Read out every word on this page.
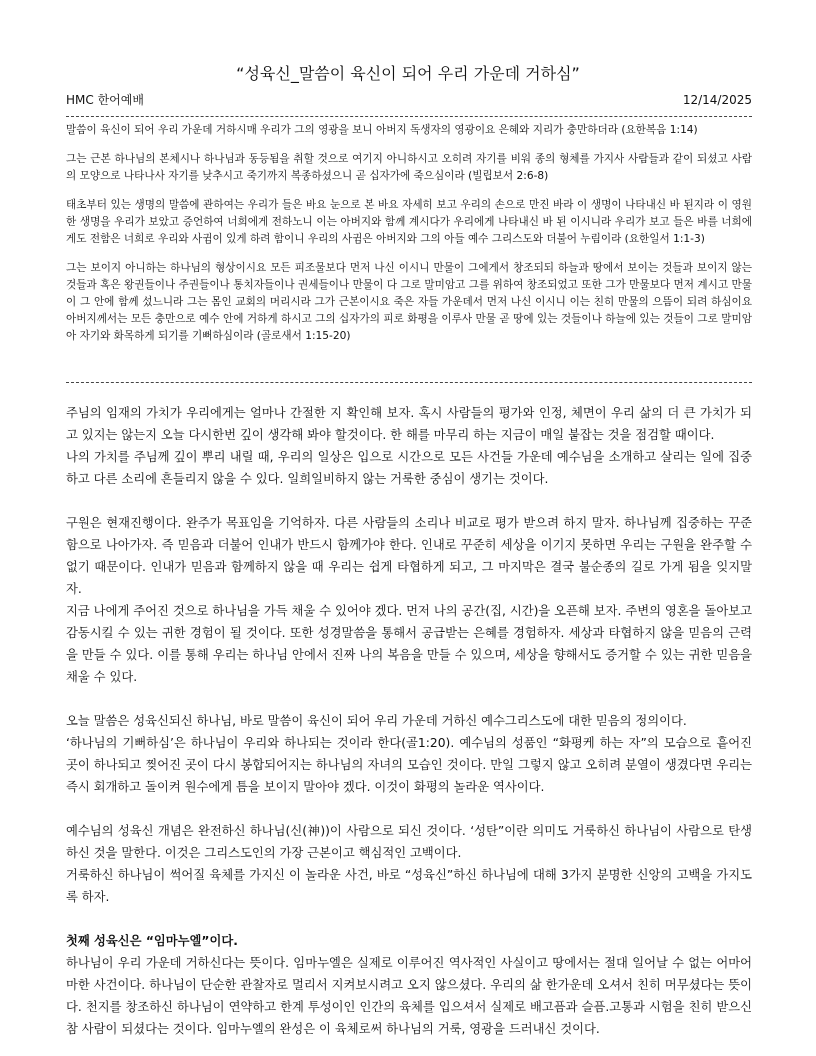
“성육신_말씀이 육신이 되어 우리 가운데 거하심”
HMC 한어예배	12/14/2025

말씀이 육신이 되어 우리 가운데 거하시매 우리가 그의 영광을 보니 아버지 독생자의 영광이요 은혜와 지리가 충만하더라 (요한복음 1:14)

그는 근본 하나님의 본체시나 하나님과 동등됨을 취할 것으로 여기지 아니하시고 오히려 자기를 비워 종의 형체를 가지사 사람들과 같이 되셨고 사람의 모양으로 나타나사 자기를 낮추시고 죽기까지 복종하셨으니 곧 십자가에 죽으심이라 (빌립보서 2:6-8)

태초부터 있는 생명의 말씀에 관하여는 우리가 들은 바요 눈으로 본 바요 자세히 보고 우리의 손으로 만진 바라 이 생명이 나타내신 바 된지라 이 영원한 생명을 우리가 보았고 증언하여 너희에게 전하노니 이는 아버지와 함께 계시다가 우리에게 나타내신 바 된 이시니라 우리가 보고 들은 바를 너희에게도 전함은 너희로 우리와 사귐이 있게 하려 함이니 우리의 사귐은 아버지와 그의 아들 예수 그리스도와 더불어 누림이라 (요한일서 1:1-3)

그는 보이지 아니하는 하나님의 형상이시요 모든 피조물보다 먼저 나신 이시니 만물이 그에게서 창조되되 하늘과 땅에서 보이는 것들과 보이지 않는 것들과 혹은 왕권들이나 주권들이나 통치자들이나 권세들이나 만물이 다 그로 말미암고 그를 위하여 창조되었고 또한 그가 만물보다 먼저 계시고 만물이 그 안에 함께 섰느니라 그는 몸인 교회의 머리시라 그가 근본이시요 죽은 자들 가운데서 먼저 나신 이시니 이는 친히 만물의 으뜸이 되려 하심이요 아버지께서는 모든 충만으로 예수 안에 거하게 하시고 그의 십자가의 피로 화평을 이루사 만물 곧 땅에 있는 것들이나 하늘에 있는 것들이 그로 말미암아 자기와 화목하게 되기를 기뻐하심이라 (골로새서 1:15-20)

주님의 임재의 가치가 우리에게는 얼마나 간절한 지 확인해 보자. 혹시 사람들의 평가와 인정, 체면이 우리 삶의 더 큰 가치가 되고 있지는 않는지 오늘 다시한번 깊이 생각해 봐야 할것이다. 한 해를 마무리 하는 지금이 매일 붙잡는 것을 점검할 때이다.

나의 가치를 주님께 깊이 뿌리 내릴 때, 우리의 일상은 입으로 시간으로 모든 사건들 가운데 예수님을 소개하고 살리는 일에 집중하고 다른 소리에 흔들리지 않을 수 있다. 일희일비하지 않는 거룩한 중심이 생기는 것이다.

구원은 현재진행이다. 완주가 목표임을 기억하자. 다른 사람들의 소리나 비교로 평가 받으려 하지 말자. 하나님께 집중하는 꾸준함으로 나아가자. 즉 믿음과 더불어 인내가 반드시 함께가야 한다. 인내로 꾸준히 세상을 이기지 못하면 우리는 구원을 완주할 수 없기 때문이다. 인내가 믿음과 함께하지 않을 때 우리는 쉽게 타협하게 되고, 그 마지막은 결국 불순종의 길로 가게 됨을 잊지말자.

지금 나에게 주어진 것으로 하나님을 가득 채울 수 있어야 겠다. 먼저 나의 공간(집, 시간)을 오픈해 보자. 주변의 영혼을 돌아보고 감동시킬 수 있는 귀한 경험이 될 것이다. 또한 성경말씀을 통해서 공급받는 은혜를 경험하자. 세상과 타협하지 않을 믿음의 근력을 만들 수 있다. 이를 통해 우리는 하나님 안에서 진짜 나의 복음을 만들 수 있으며, 세상을 향해서도 증거할 수 있는 귀한 믿음을 채울 수 있다.

오늘 말씀은 성육신되신 하나님, 바로 말씀이 육신이 되어 우리 가운데 거하신 예수그리스도에 대한 믿음의 정의이다.

‘하나님의 기뻐하심’은 하나님이 우리와 하나되는 것이라 한다(골1:20). 예수님의 성품인 “화평케 하는 자”의 모습으로 흩어진 곳이 하나되고 찢어진 곳이 다시 봉합되어지는 하나님의 자녀의 모습인 것이다. 만일 그렇지 않고 오히려 분열이 생겼다면 우리는 즉시 회개하고 돌이켜 원수에게 틈을 보이지 말아야 겠다. 이것이 화평의 놀라운 역사이다.

예수님의 성육신 개념은 완전하신 하나님(신(神))이 사람으로 되신 것이다. ‘성탄”이란 의미도 거룩하신 하나님이 사람으로 탄생하신 것을 말한다. 이것은 그리스도인의 가장 근본이고 핵심적인 고백이다.

거룩하신 하나님이 썩어질 육체를 가지신 이 놀라운 사건, 바로 “성육신”하신 하나님에 대해 3가지 분명한 신앙의 고백을 가지도록 하자.

첫째 성육신은 “임마누엘”이다.

하나님이 우리 가운데 거하신다는 뜻이다. 임마누엘은 실제로 이루어진 역사적인 사실이고 땅에서는 절대 일어날 수 없는 어마어마한 사건이다. 하나님이 단순한 관찰자로 멀리서 지켜보시려고 오지 않으셨다. 우리의 삶 한가운데 오셔서 친히 머무셨다는 뜻이다. 천지를 창조하신 하나님이 연약하고 한계 투성이인 인간의 육체를 입으셔서 실제로 배고픔과 슬픔.고통과 시험을 친히 받으신 참 사람이 되셨다는 것이다. 임마누엘의 완성은 이 육체로써 하나님의 거룩, 영광을 드러내신 것이다.
